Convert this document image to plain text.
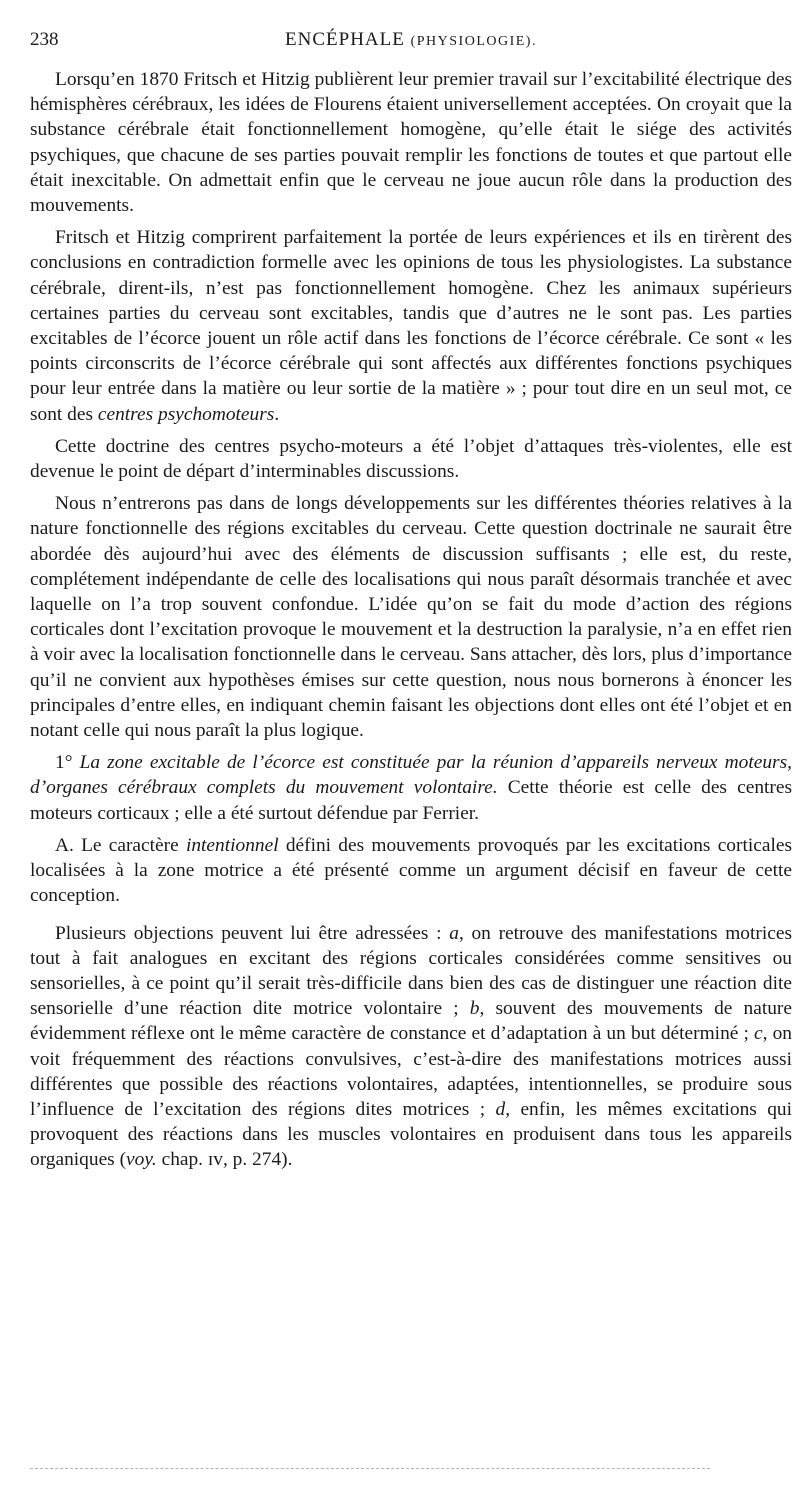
238	ENCÉPHALE (PHYSIOLOGIE).

Lorsqu’en 1870 Fritsch et Hitzig publièrent leur premier travail sur l’excitabilité électrique des hémisphères cérébraux, les idées de Flourens étaient universellement acceptées. On croyait que la substance cérébrale était fonctionnellement homogène, qu’elle était le siége des activités psychiques, que chacune de ses parties pouvait remplir les fonctions de toutes et que partout elle était inexcitable. On admettait enfin que le cerveau ne joue aucun rôle dans la production des mouvements.

Fritsch et Hitzig comprirent parfaitement la portée de leurs expériences et ils en tirèrent des conclusions en contradiction formelle avec les opinions de tous les physiologistes. La substance cérébrale, dirent-ils, n’est pas fonctionnellement homogène. Chez les animaux supérieurs certaines parties du cerveau sont excitables, tandis que d’autres ne le sont pas. Les parties excitables de l’écorce jouent un rôle actif dans les fonctions de l’écorce cérébrale. Ce sont « les points circonscrits de l’écorce cérébrale qui sont affectés aux différentes fonctions psychiques pour leur entrée dans la matière ou leur sortie de la matière » ; pour tout dire en un seul mot, ce sont des centres psychomoteurs.

Cette doctrine des centres psycho-moteurs a été l’objet d’attaques très-violentes, elle est devenue le point de départ d’interminables discussions.

Nous n’entrerons pas dans de longs développements sur les différentes théories relatives à la nature fonctionnelle des régions excitables du cerveau. Cette question doctrinale ne saurait être abordée dès aujourd’hui avec des éléments de discussion suffisants ; elle est, du reste, complétement indépendante de celle des localisations qui nous paraît désormais tranchée et avec laquelle on l’a trop souvent confondue. L’idée qu’on se fait du mode d’action des régions corticales dont l’excitation provoque le mouvement et la destruction la paralysie, n’a en effet rien à voir avec la localisation fonctionnelle dans le cerveau. Sans attacher, dès lors, plus d’importance qu’il ne convient aux hypothèses émises sur cette question, nous nous bornerons à énoncer les principales d’entre elles, en indiquant chemin faisant les objections dont elles ont été l’objet et en notant celle qui nous paraît la plus logique.

1° La zone excitable de l’écorce est constituée par la réunion d’appareils nerveux moteurs, d’organes cérébraux complets du mouvement volontaire. Cette théorie est celle des centres moteurs corticaux ; elle a été surtout défendue par Ferrier.

A. Le caractère intentionnel défini des mouvements provoqués par les excitations corticales localisées à la zone motrice a été présenté comme un argument décisif en faveur de cette conception.

Plusieurs objections peuvent lui être adressées : a, on retrouve des manifestations motrices tout à fait analogues en excitant des régions corticales considérées comme sensitives ou sensorielles, à ce point qu’il serait très-difficile dans bien des cas de distinguer une réaction dite sensorielle d’une réaction dite motrice volontaire ; b, souvent des mouvements de nature évidemment réflexe ont le même caractère de constance et d’adaptation à un but déterminé ; c, on voit fréquemment des réactions convulsives, c’est-à-dire des manifestations motrices aussi différentes que possible des réactions volontaires, adaptées, intentionnelles, se produire sous l’influence de l’excitation des régions dites motrices ; d, enfin, les mêmes excitations qui provoquent des réactions dans les muscles volontaires en produisent dans tous les appareils organiques (voy. chap. ɪᴠ, p. 274).
